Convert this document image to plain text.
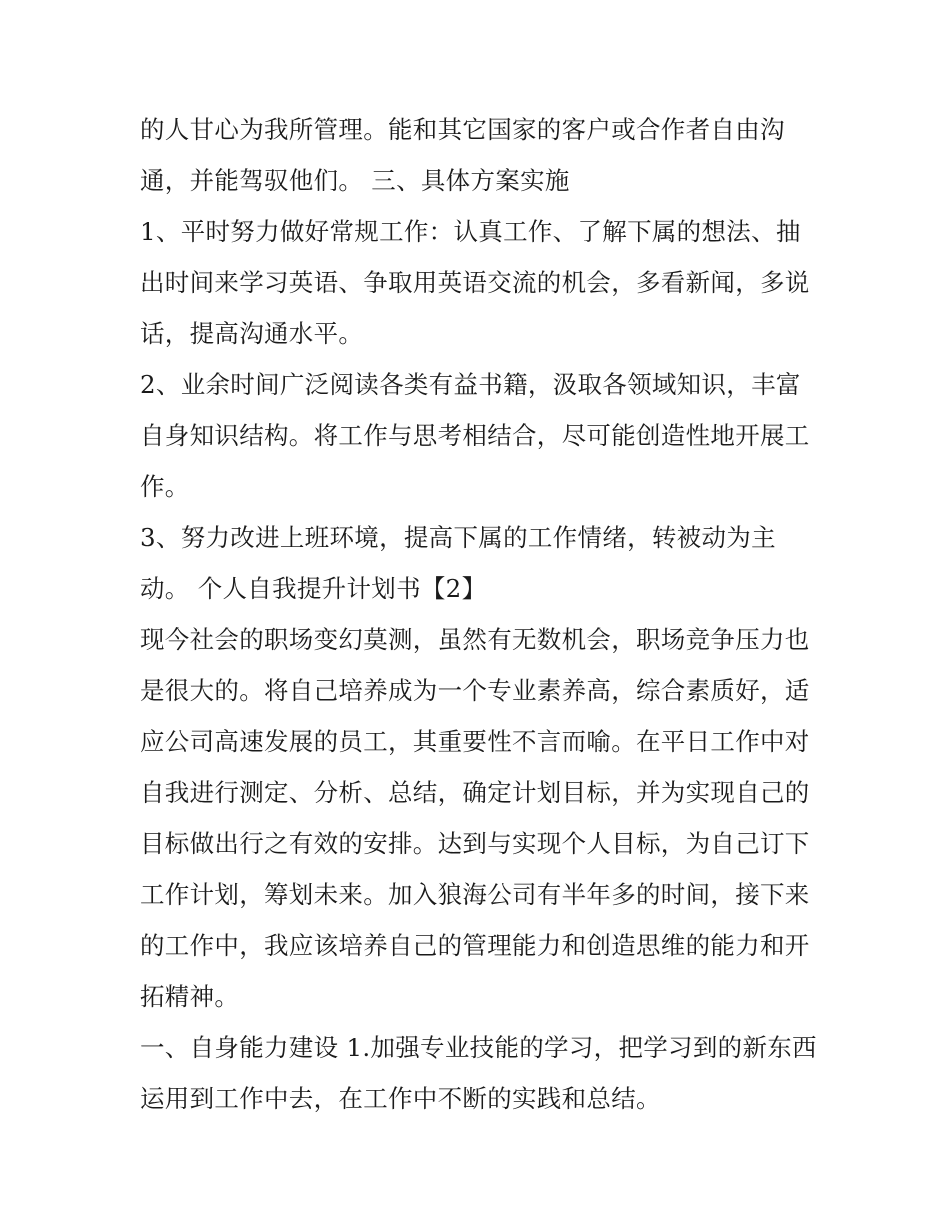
的人甘心为我所管理。能和其它国家的客户或合作者自由沟
通，并能驾驭他们。 三、具体方案实施
1、平时努力做好常规工作：认真工作、了解下属的想法、抽
出时间来学习英语、争取用英语交流的机会，多看新闻，多说
话，提高沟通水平。
2、业余时间广泛阅读各类有益书籍，汲取各领域知识，丰富
自身知识结构。将工作与思考相结合，尽可能创造性地开展工
作。
3、努力改进上班环境，提高下属的工作情绪，转被动为主
动。 个人自我提升计划书【2】
现今社会的职场变幻莫测，虽然有无数机会，职场竞争压力也
是很大的。将自己培养成为一个专业素养高，综合素质好，适
应公司高速发展的员工，其重要性不言而喻。在平日工作中对
自我进行测定、分析、总结，确定计划目标，并为实现自己的
目标做出行之有效的安排。达到与实现个人目标，为自己订下
工作计划，筹划未来。加入狼海公司有半年多的时间，接下来
的工作中，我应该培养自己的管理能力和创造思维的能力和开
拓精神。
一、自身能力建设 1.加强专业技能的学习，把学习到的新东西
运用到工作中去，在工作中不断的实践和总结。
